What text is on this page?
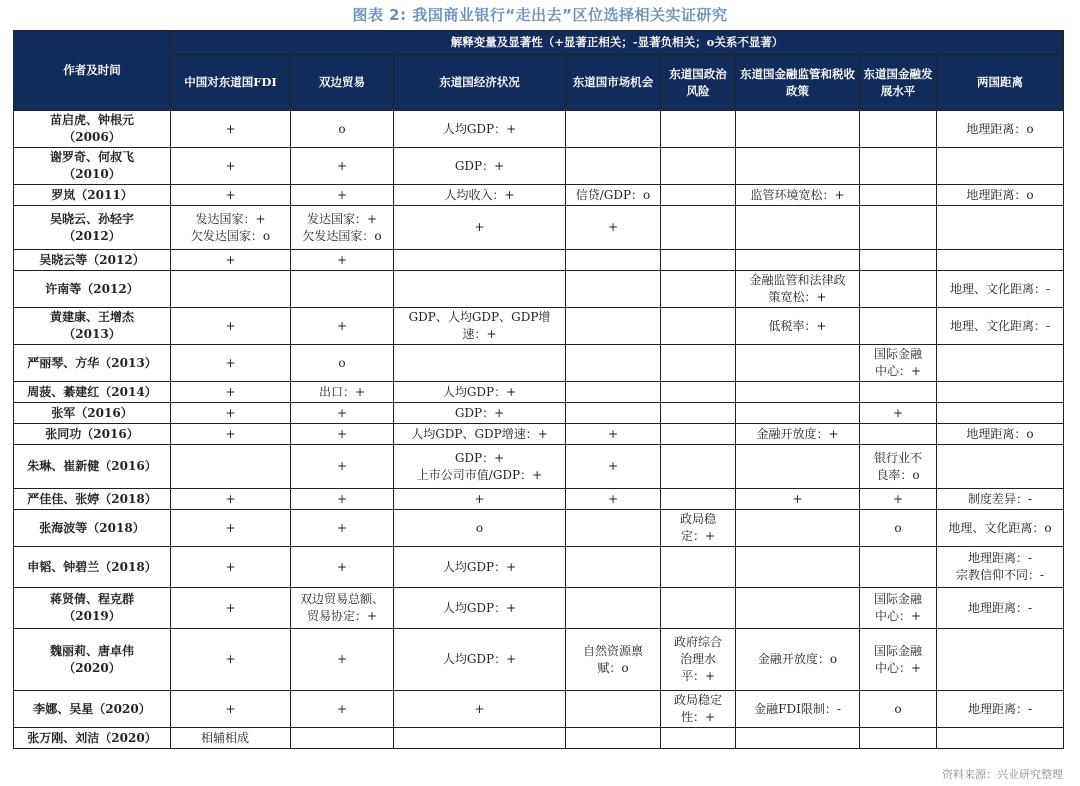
图表 2: 我国商业银行“走出去”区位选择相关实证研究
作者及时间	解释变量及显著性（+显著正相关；-显著负相关；o关系不显著）							
	中国对东道国FDI	双边贸易	东道国经济状况	东道国市场机会	东道国政治风险	东道国金融监管和税收政策	东道国金融发展水平	两国距离
苗启虎、钟根元
（2006）	+	o	人均GDP：+					地理距离：o
谢罗奇、何叔飞
（2010）	+	+	GDP：+					
罗岚（2011）	+	+	人均收入：+	信贷/GDP：o		监管环境宽松：+		地理距离：o
吴晓云、孙轻宇
（2012）	发达国家：+
欠发达国家：o	发达国家：+
欠发达国家：o	+	+				
吴晓云等（2012）	+	+						
许南等（2012）						金融监管和法律政
策宽松：+		地理、文化距离：-
黄建康、王增杰
（2013）	+	+	GDP、人均GDP、GDP增
速：+			低税率：+		地理、文化距离：-
严丽琴、方华（2013）	+	o					国际金融
中心：+	
周菠、綦建红（2014）	+	出口：+	人均GDP：+					
张军（2016）	+	+	GDP：+				+	
张同功（2016）	+	+	人均GDP、GDP增速：+	+		金融开放度：+		地理距离：o
朱琳、崔新健（2016）		+	GDP：+
上市公司市值/GDP：+	+			银行业不
良率：o	
严佳佳、张婷（2018）	+	+	+	+		+	+	制度差异：-
张海波等（2018）	+	+	o		政局稳
定：+		o	地理、文化距离：o
申韬、钟碧兰（2018）	+	+	人均GDP：+					地理距离：-
宗教信仰不同：-
蒋贤倩、程克群
（2019）	+	双边贸易总额、
贸易协定：+	人均GDP：+				国际金融
中心：+	地理距离：-
魏丽莉、唐卓伟
（2020）	+	+	人均GDP：+	自然资源禀
赋：o	政府综合
治理水
平：+	金融开放度：o	国际金融
中心：+	
李娜、吴星（2020）	+	+	+		政局稳定
性：+	金融FDI限制：-	o	地理距离：-
张万刚、刘洁（2020）	相辅相成							
资料来源：兴业研究整理
